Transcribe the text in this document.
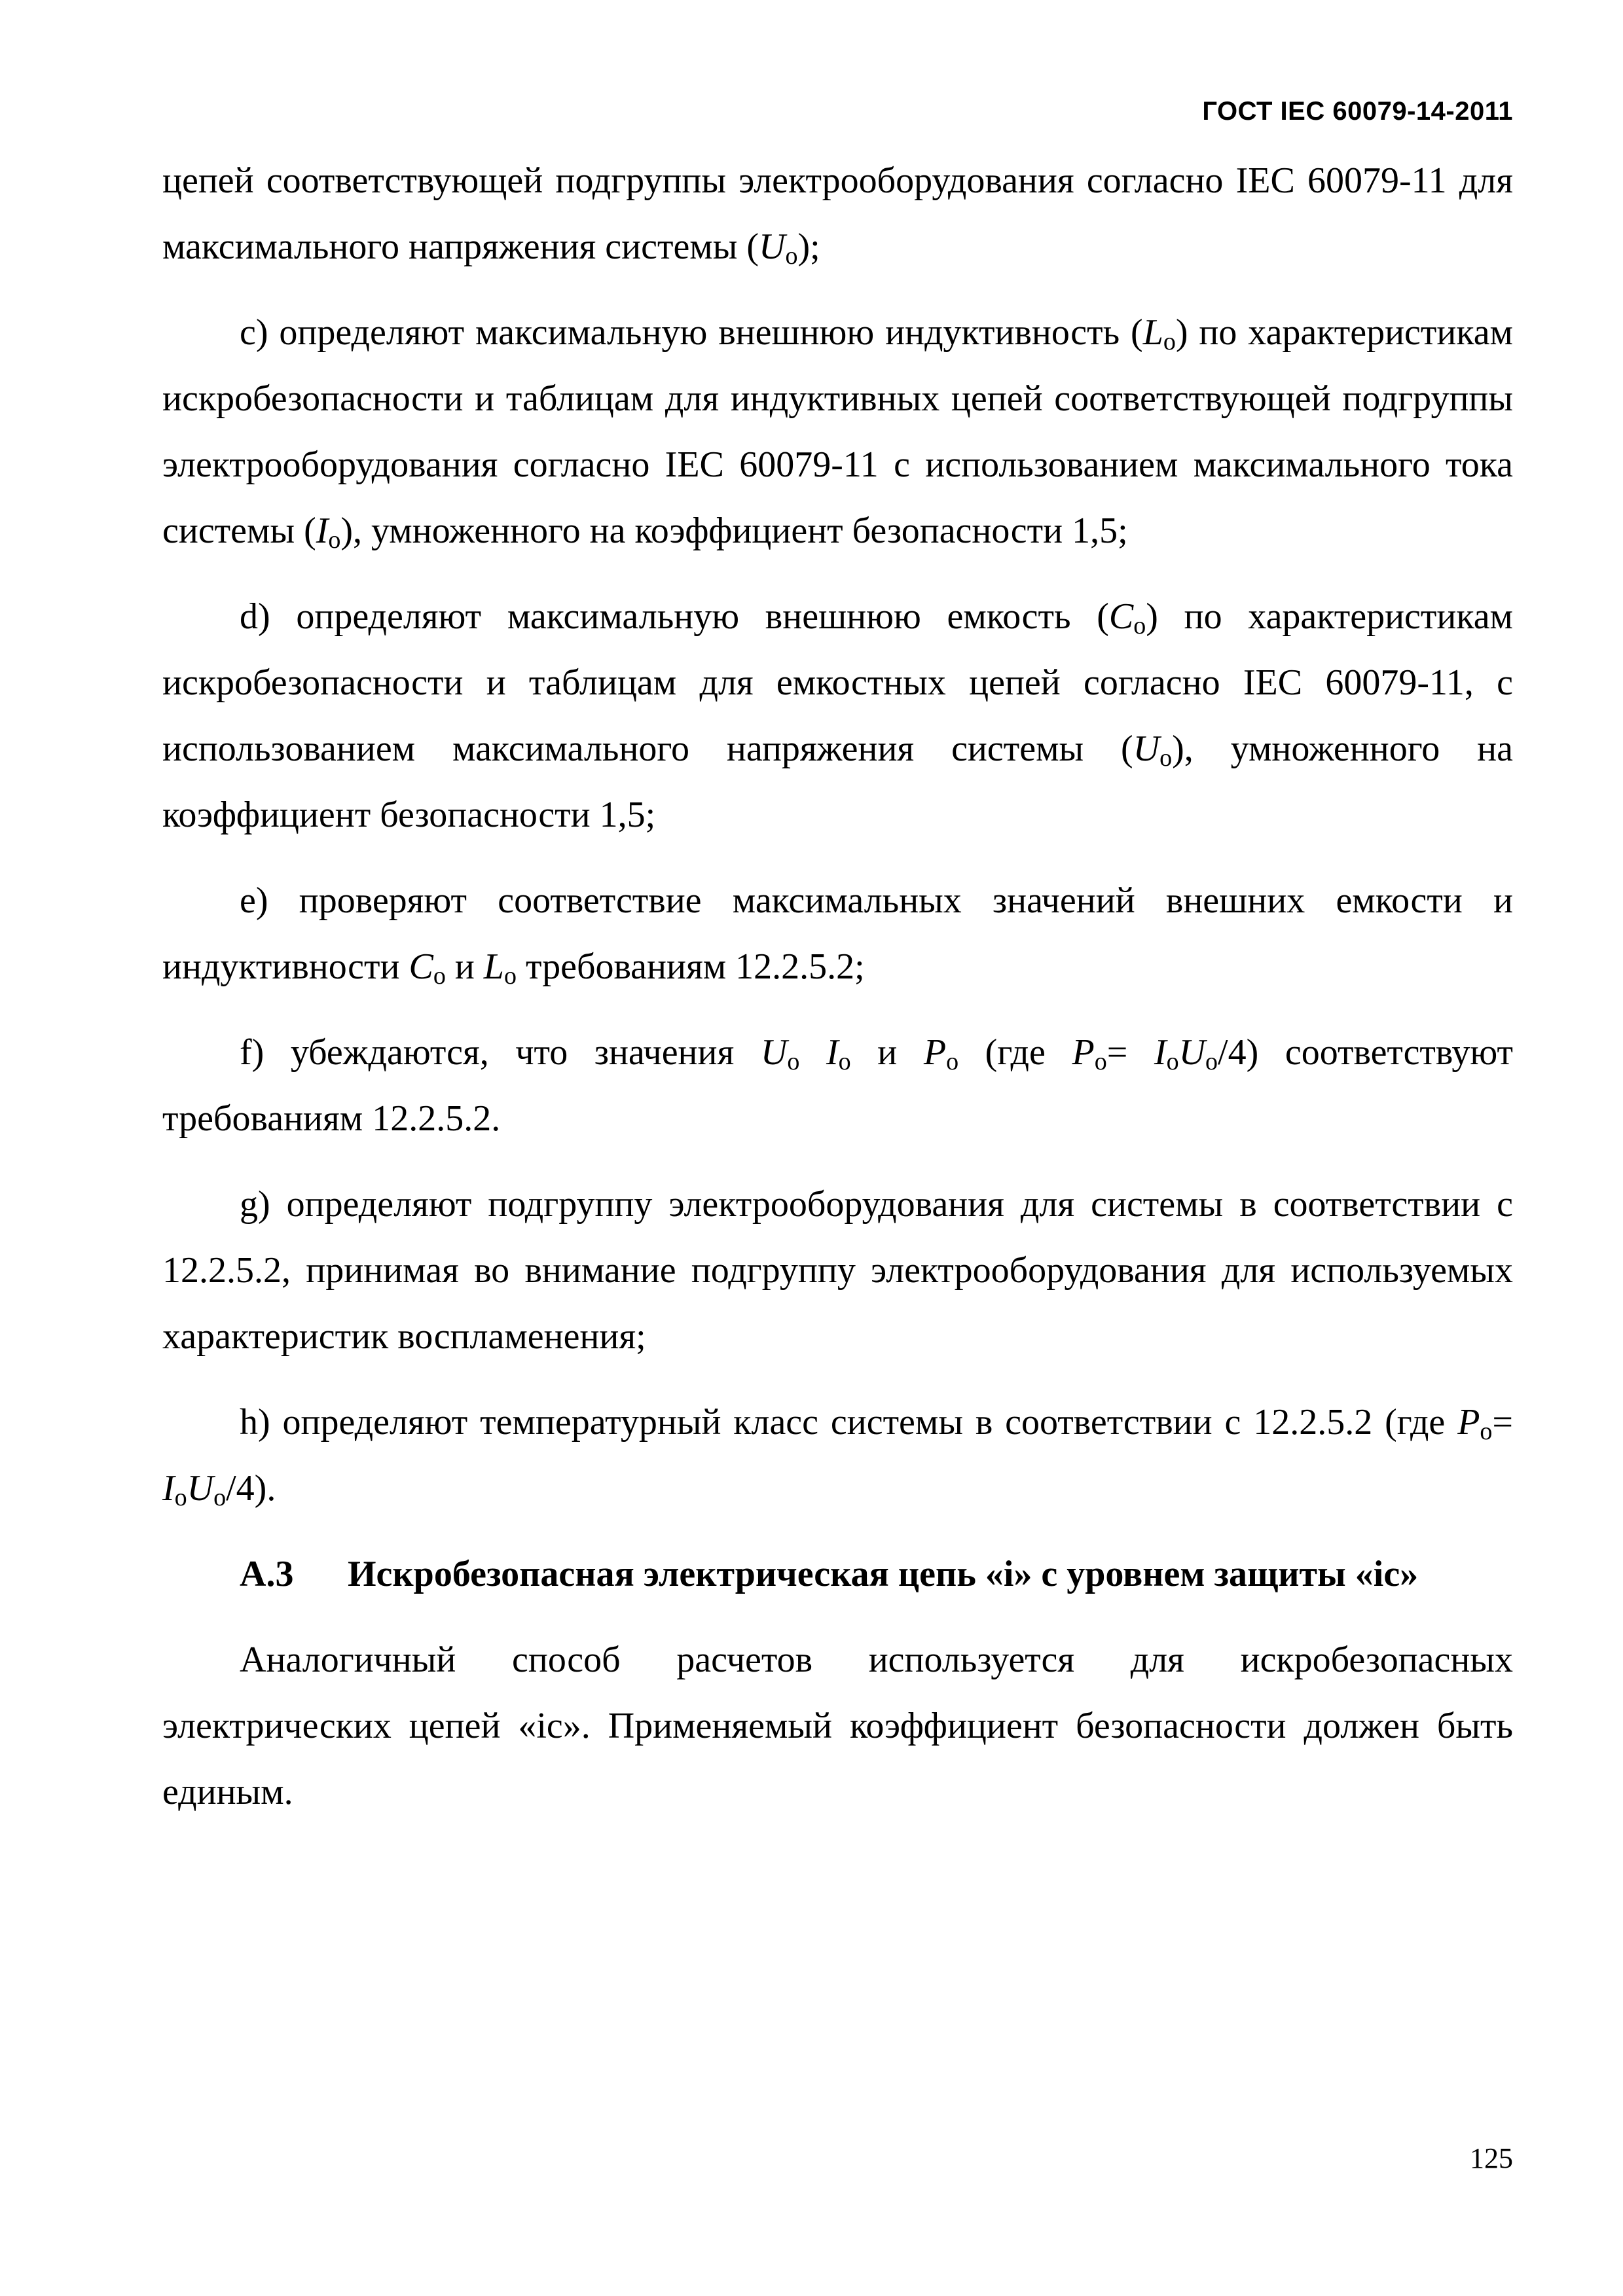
ГОСТ IEC 60079-14-2011

цепей соответствующей подгруппы электрооборудования согласно IEC 60079-11 для максимального напряжения системы $(U_о)$;

c) определяют максимальную внешнюю индуктивность $(L_о)$ по характеристикам искробезопасности и таблицам для индуктивных цепей соответствующей подгруппы электрооборудования согласно IEC 60079-11 с использованием максимального тока системы $(I_о)$, умноженного на коэффициент безопасности 1,5;

d) определяют максимальную внешнюю емкость $(C_о)$ по характеристикам искробезопасности и таблицам для емкостных цепей согласно IEC 60079-11, с использованием максимального напряжения системы $(U_о)$, умноженного на коэффициент безопасности 1,5;

e) проверяют соответствие максимальных значений внешних емкости и индуктивности $C_о$ и $L_о$ требованиям 12.2.5.2;

f) убеждаются, что значения $U_о$ $I_о$ и $P_о$ (где $P_о= I_оU_о/4$) соответствуют требованиям 12.2.5.2.

g) определяют подгруппу электрооборудования для системы в соответствии с 12.2.5.2, принимая во внимание подгруппу электрооборудования для используемых характеристик воспламенения;

h) определяют температурный класс системы в соответствии с 12.2.5.2 (где $P_о= I_оU_о/4$).

А.3 Искробезопасная электрическая цепь «i» с уровнем защиты «ic»

Аналогичный способ расчетов используется для искробезопасных электрических цепей «ic». Применяемый коэффициент безопасности должен быть единым.

125
